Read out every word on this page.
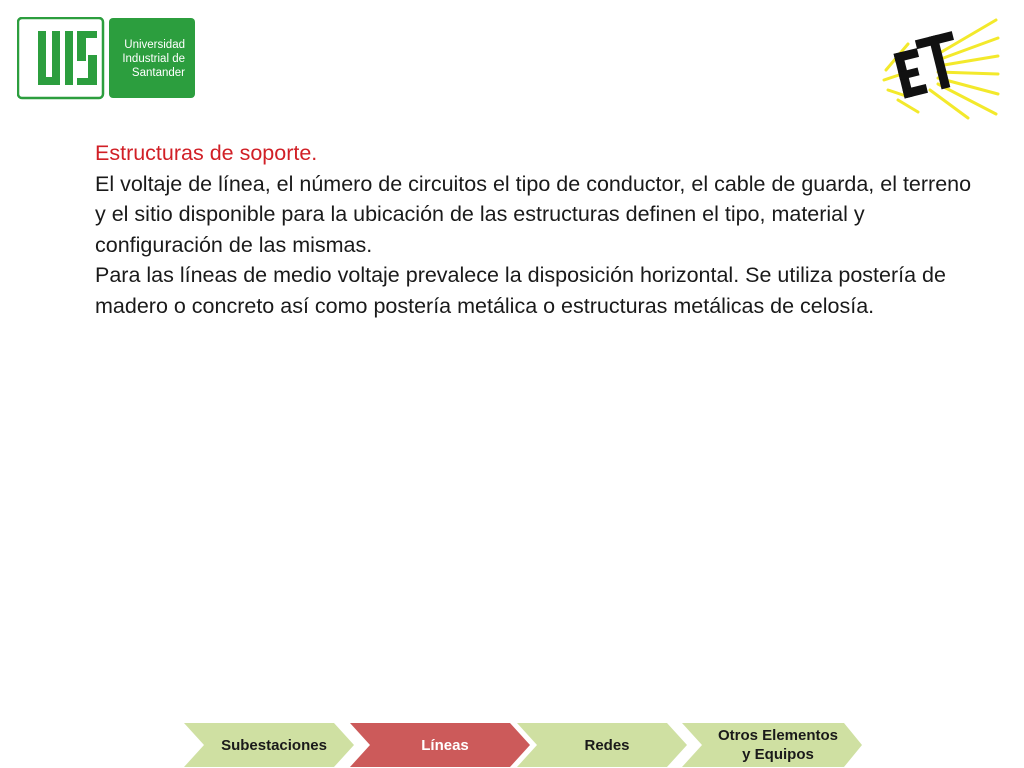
Universidad
Industrial de
Santander

Estructuras de soporte.

El voltaje de línea, el número de circuitos el tipo de conductor, el cable de guarda, el terreno y el sitio disponible para la ubicación de las estructuras definen el tipo, material y configuración de las mismas.

Para las líneas de medio voltaje prevalece la disposición horizontal. Se utiliza postería de madero o concreto así como postería metálica o estructuras metálicas de celosía.

Subestaciones	Líneas	Redes
Otros Elementos
y Equipos
